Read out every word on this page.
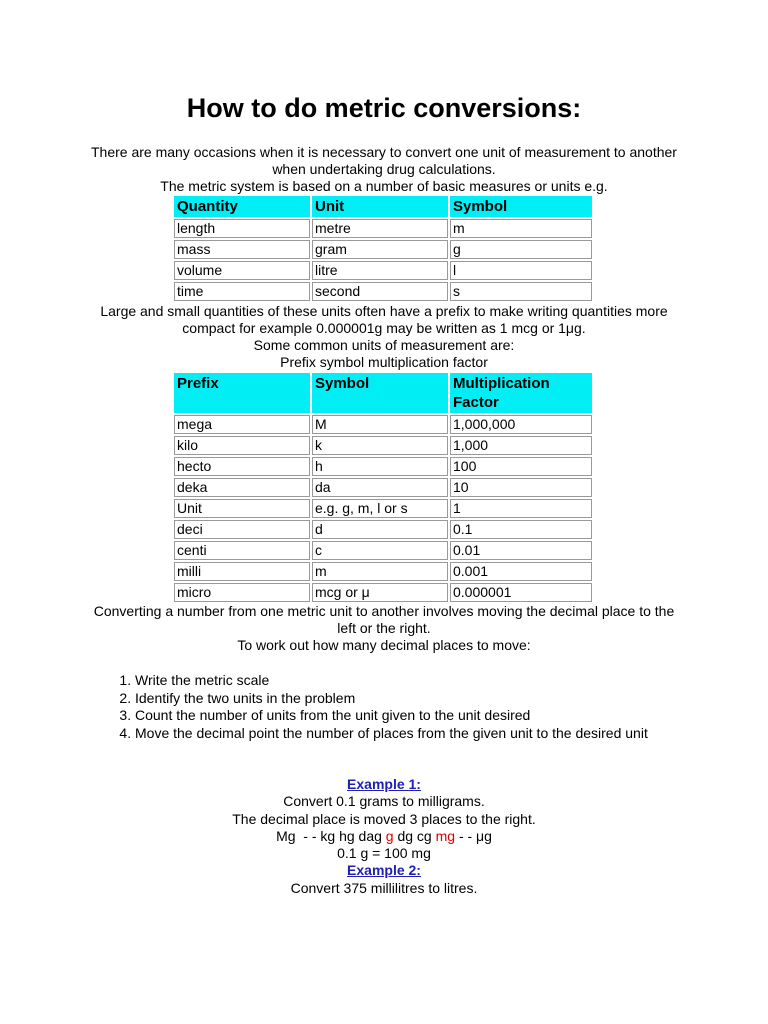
How to do metric conversions:

There are many occasions when it is necessary to convert one unit of measurement to another when undertaking drug calculations.
The metric system is based on a number of basic measures or units e.g.

Quantity	Unit	Symbol
length	metre	m
mass	gram	g
volume	litre	l
time	second	s

Large and small quantities of these units often have a prefix to make writing quantities more compact for example 0.000001g may be written as 1 mcg or 1μg.
Some common units of measurement are:
Prefix symbol multiplication factor

Prefix	Symbol	Multiplication Factor
mega	M	1,000,000
kilo	k	1,000
hecto	h	100
deka	da	10
Unit	e.g. g, m, l or s	1
deci	d	0.1
centi	c	0.01
milli	m	0.001
micro	mcg or μ	0.000001

Converting a number from one metric unit to another involves moving the decimal place to the left or the right.
To work out how many decimal places to move:

1. Write the metric scale
2. Identify the two units in the problem
3. Count the number of units from the unit given to the unit desired
4. Move the decimal point the number of places from the given unit to the desired unit
Example 1:
Convert 0.1 grams to milligrams.
The decimal place is moved 3 places to the right.
Mg  - - kg hg dag g dg cg mg - - μg
0.1 g = 100 mg
Example 2:
Convert 375 millilitres to litres.
